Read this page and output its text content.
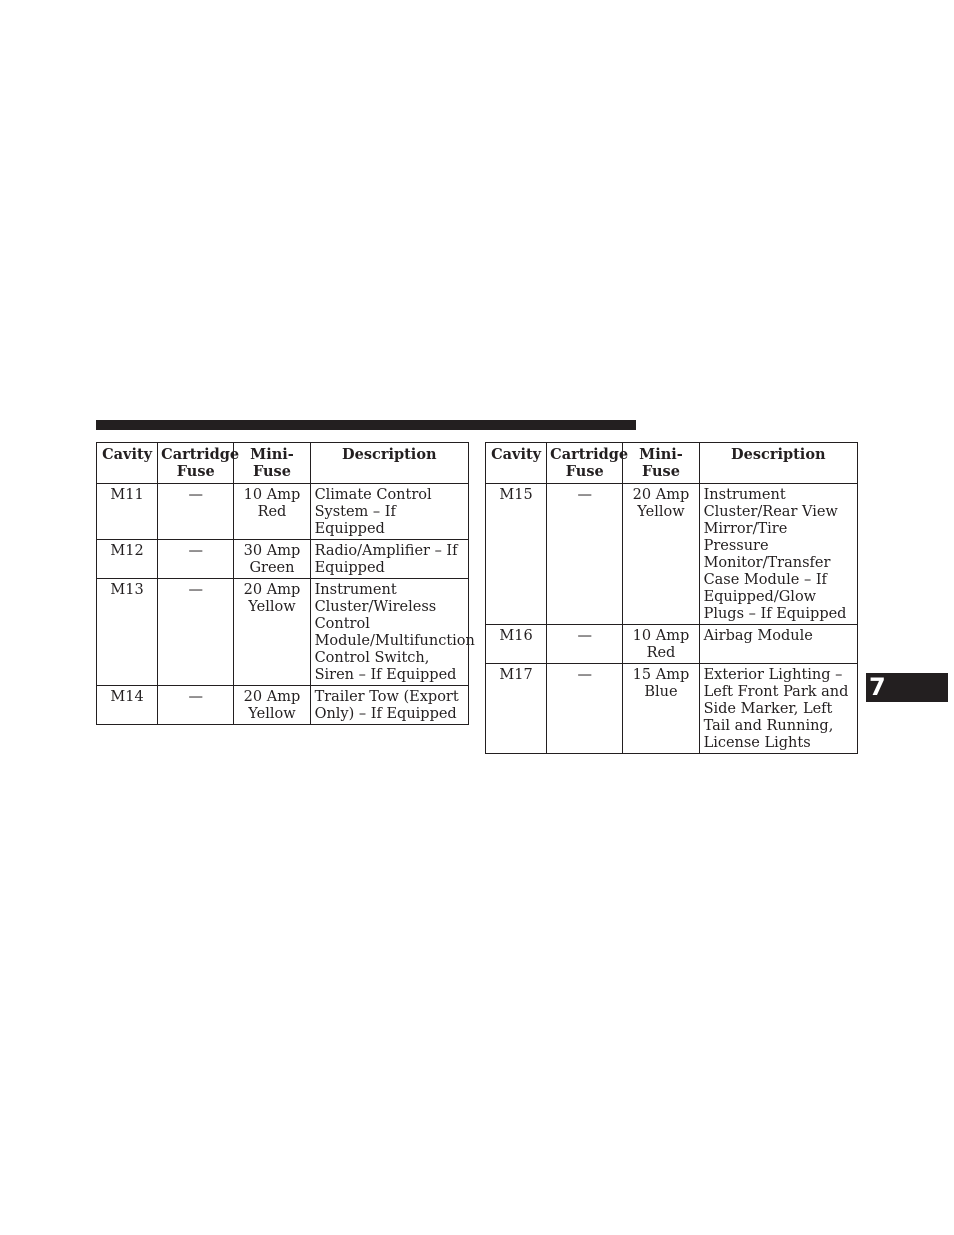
Cavity	Cartridge Fuse	Mini-Fuse	Description
M11	—	10 Amp Red	Climate Control System – If Equipped
M12	—	30 Amp Green	Radio/Amplifier – If Equipped
M13	—	20 Amp Yellow	Instrument Cluster/Wireless Control Module/Multifunction Control Switch, Siren – If Equipped
M14	—	20 Amp Yellow	Trailer Tow (Export Only) – If Equipped
Cavity	Cartridge Fuse	Mini-Fuse	Description
M15	—	20 Amp Yellow	Instrument Cluster/Rear View Mirror/Tire Pressure Monitor/Transfer Case Module – If Equipped/Glow Plugs – If Equipped
M16	—	10 Amp Red	Airbag Module
M17	—	15 Amp Blue	Exterior Lighting – Left Front Park and Side Marker, Left Tail and Running, License Lights
7
